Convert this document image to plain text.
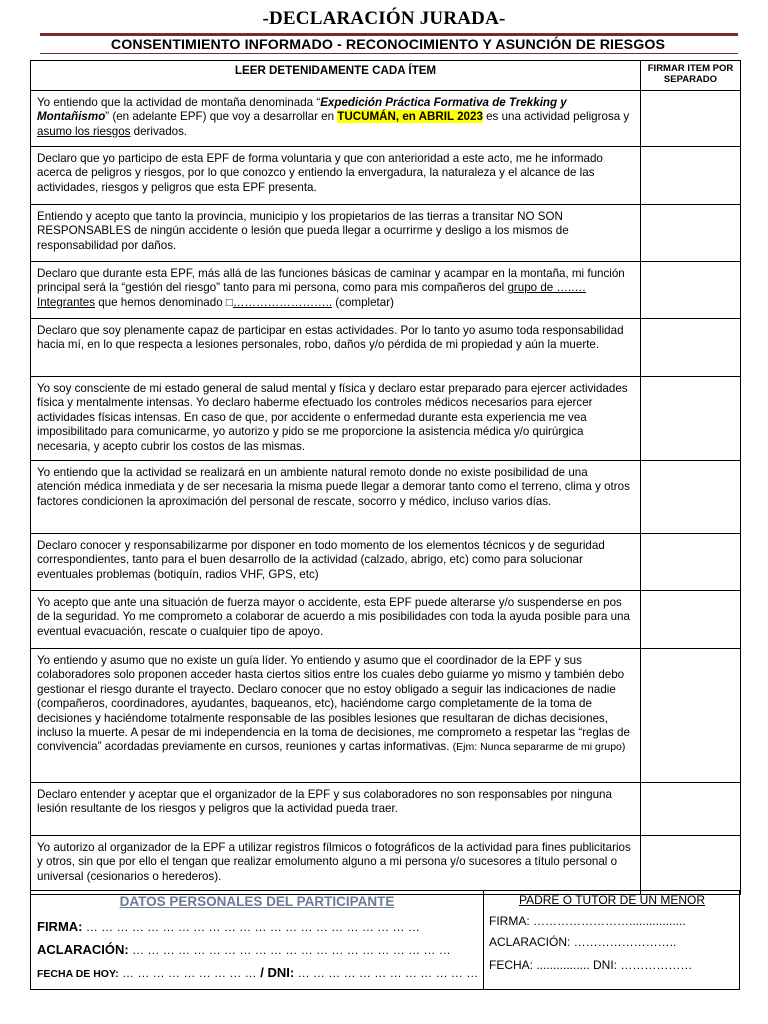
-DECLARACIÓN JURADA-
CONSENTIMIENTO INFORMADO - RECONOCIMIENTO Y ASUNCIÓN DE RIESGOS
LEER DETENIDAMENTE CADA ÍTEM	FIRMAR ITEM POR SEPARADO
Yo entiendo que la actividad de montaña denominada “Expedición Práctica Formativa de Trekking y Montañismo” (en adelante EPF) que voy a desarrollar en TUCUMÁN, en ABRIL 2023 es una actividad peligrosa y asumo los riesgos derivados.	
Declaro que yo participo de esta EPF de forma voluntaria y que con anterioridad a este acto, me he informado acerca de peligros y riesgos, por lo que conozco y entiendo la envergadura, la naturaleza y el alcance de las actividades, riesgos y peligros que esta EPF presenta.	
Entiendo y acepto que tanto la provincia, municipio y los propietarios de las tierras a transitar NO SON RESPONSABLES de ningún accidente o lesión que pueda llegar a ocurrirme y desligo a los mismos de responsabilidad por daños.	
Declaro que durante esta EPF, más allá de las funciones básicas de caminar y acampar en la montaña, mi función principal será la “gestión del riesgo” tanto para mi persona, como para mis compañeros del grupo de …..… Integrantes que hemos denominado □…………………….. (completar)	
Declaro que soy plenamente capaz de participar en estas actividades. Por lo tanto yo asumo toda responsabilidad hacia mí, en lo que respecta a lesiones personales, robo, daños y/o pérdida de mi propiedad y aún la muerte.	
Yo soy consciente de mi estado general de salud mental y física y declaro estar preparado para ejercer actividades física y mentalmente intensas. Yo declaro haberme efectuado los controles médicos necesarios para ejercer actividades físicas intensas. En caso de que, por accidente o enfermedad durante esta experiencia me vea imposibilitado para comunicarme, yo autorizo y pido se me proporcione la asistencia médica y/o quirúrgica necesaria, y acepto cubrir los costos de las mismas.	
Yo entiendo que la actividad se realizará en un ambiente natural remoto donde no existe posibilidad de una atención médica inmediata y de ser necesaria la misma puede llegar a demorar tanto como el terreno, clima y otros factores condicionen la aproximación del personal de rescate, socorro y médico, incluso varios días.	
Declaro conocer y responsabilizarme por disponer en todo momento de los elementos técnicos y de seguridad correspondientes, tanto para el buen desarrollo de la actividad (calzado, abrigo, etc) como para solucionar eventuales problemas (botiquín, radios VHF, GPS, etc)	
Yo acepto que ante una situación de fuerza mayor o accidente, esta EPF puede alterarse y/o suspenderse en pos de la seguridad. Yo me comprometo a colaborar de acuerdo a mis posibilidades con toda la ayuda posible para una eventual evacuación, rescate o cualquier tipo de apoyo.	
Yo entiendo y asumo que no existe un guía líder. Yo entiendo y asumo que el coordinador de la EPF y sus colaboradores solo proponen acceder hasta ciertos sitios entre los cuales debo guiarme yo mismo y también debo gestionar el riesgo durante el trayecto. Declaro conocer que no estoy obligado a seguir las indicaciones de nadie (compañeros, coordinadores, ayudantes, baqueanos, etc), haciéndome cargo completamente de la toma de decisiones y haciéndome totalmente responsable de las posibles lesiones que resultaran de dichas decisiones, incluso la muerte. A pesar de mi independencia en la toma de decisiones, me comprometo a respetar las “reglas de convivencia” acordadas previamente en cursos, reuniones y cartas informativas. (Ejm: Nunca separarme de mi grupo)	
Declaro entender y aceptar que el organizador de la EPF y sus colaboradores no son responsables por ninguna lesión resultante de los riesgos y peligros que la actividad pueda traer.	
Yo autorizo al organizador de la EPF a utilizar registros fílmicos o fotográficos de la actividad para fines publicitarios y otros, sin que por ello el tengan que realizar emolumento alguno a mi persona y/o sucesores a título personal o universal (cesionarios o herederos).	
DATOS PERSONALES DEL PARTICIPANTE
FIRMA: … … … … … … … … … … … … … … … … … … … … … …
ACLARACIÓN: … … … … … … … … … … … … … … … … … … … … …
FECHA DE HOY: … … … … … … … … … / DNI: … … … … … … … … … … … …
PADRE O TUTOR DE UN MENOR
FIRMA: …………………….................
ACLARACIÓN: ……………………..
FECHA: ................ DNI: ………………
